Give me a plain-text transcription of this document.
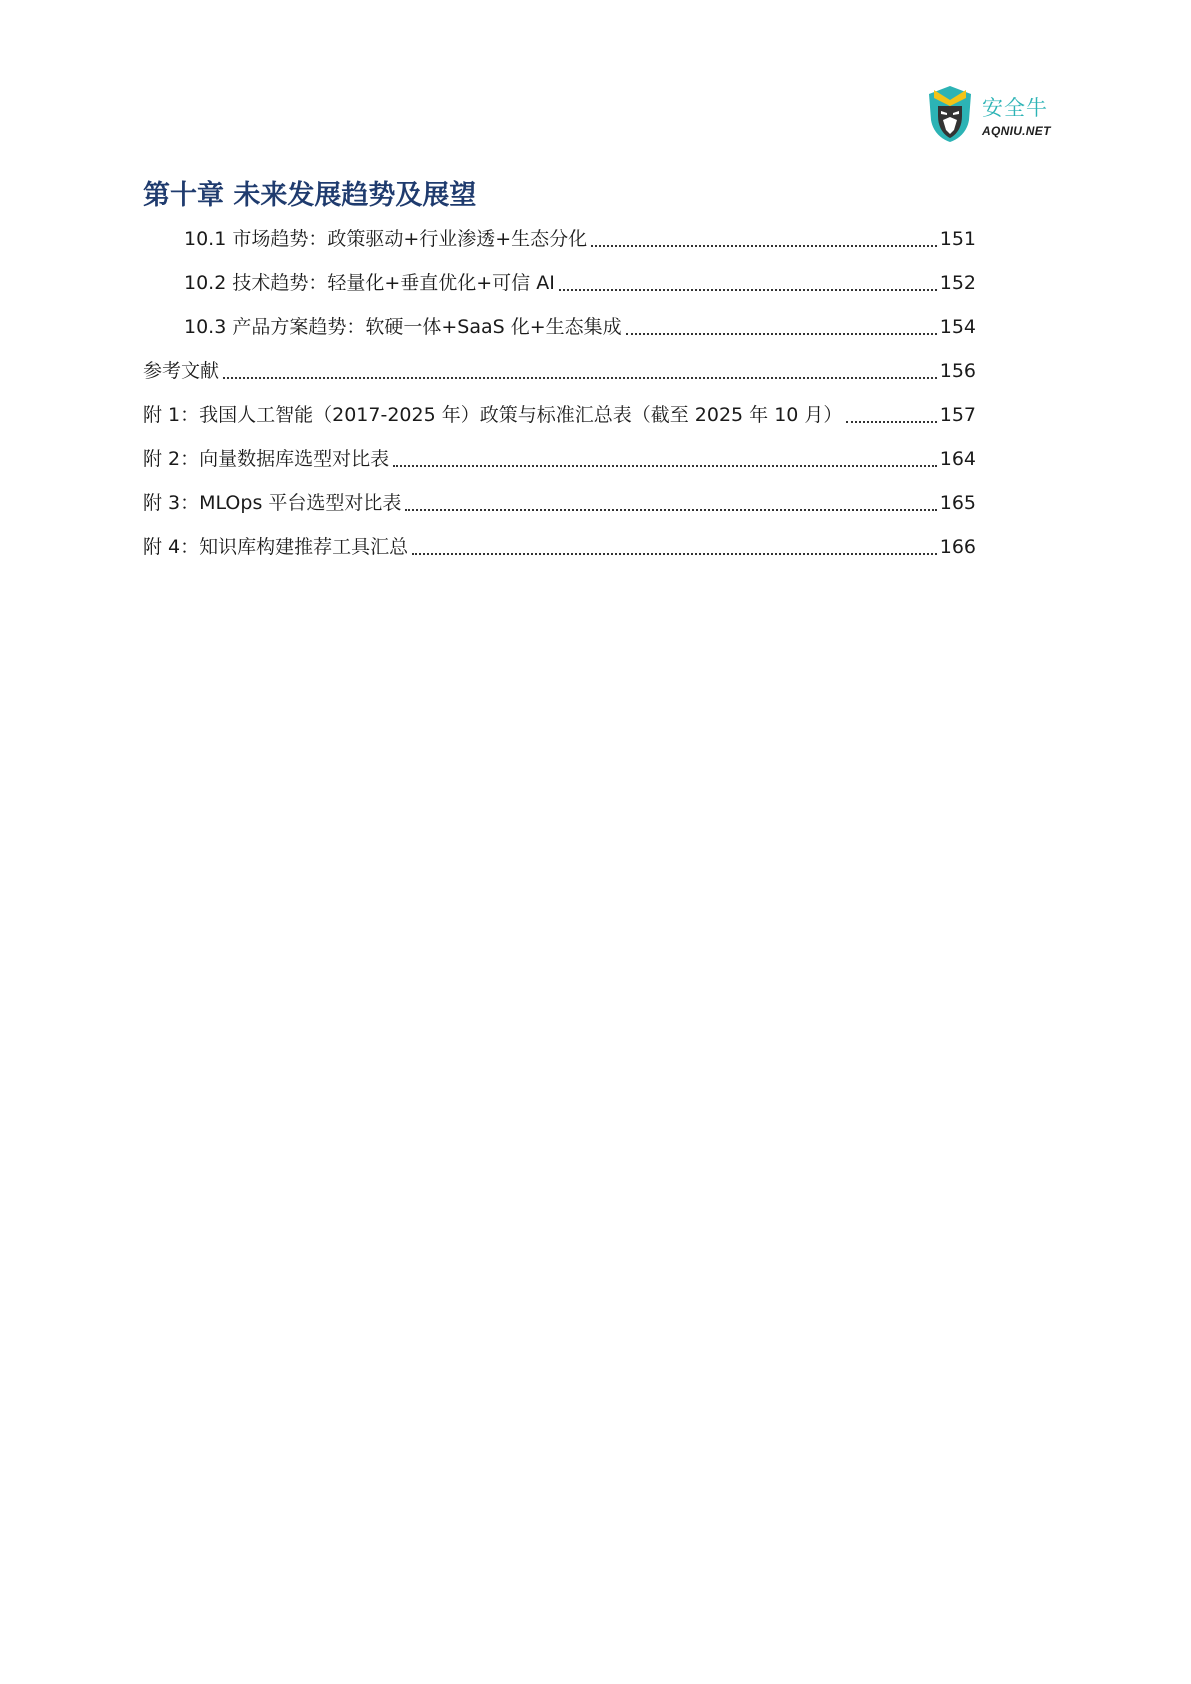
安全牛
AQNIU.NET
第十章 未来发展趋势及展望
10.1 市场趋势：政策驱动+行业渗透+生态分化	151
10.2 技术趋势：轻量化+垂直优化+可信 AI	152
10.3 产品方案趋势：软硬一体+SaaS 化+生态集成	154
参考文献	156
附 1：我国人工智能（2017-2025 年）政策与标准汇总表（截至 2025 年 10 月）	157
附 2：向量数据库选型对比表	164
附 3：MLOps 平台选型对比表	165
附 4：知识库构建推荐工具汇总	166
